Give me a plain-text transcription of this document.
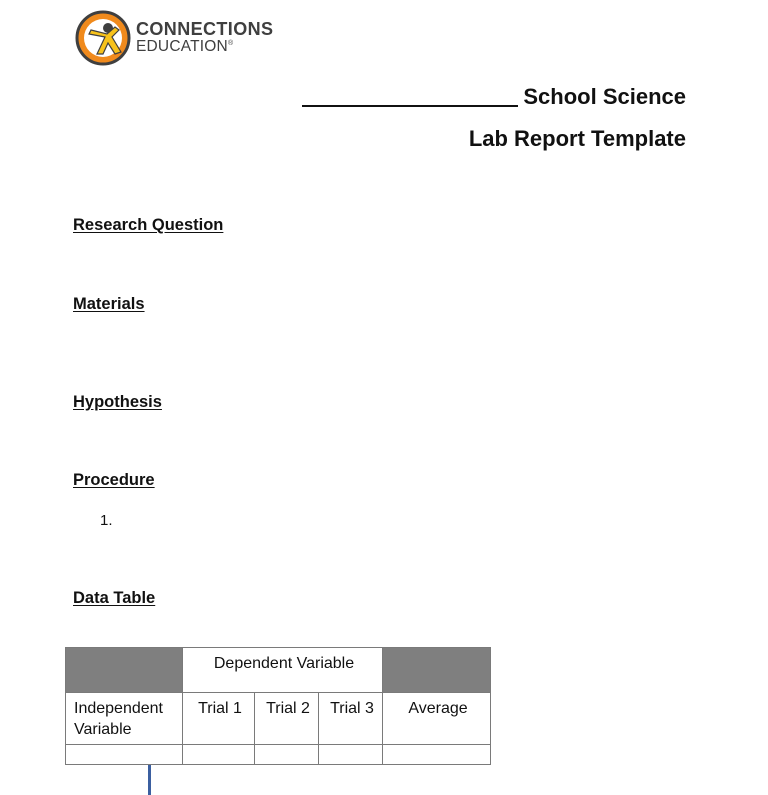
CONNECTIONS
EDUCATION®
School Science
Lab Report Template
Research Question
Materials
Hypothesis
Procedure
1.
Data Table

	Dependent Variable			

Independent Variable	Trial 1	Trial 2	Trial 3	Average
